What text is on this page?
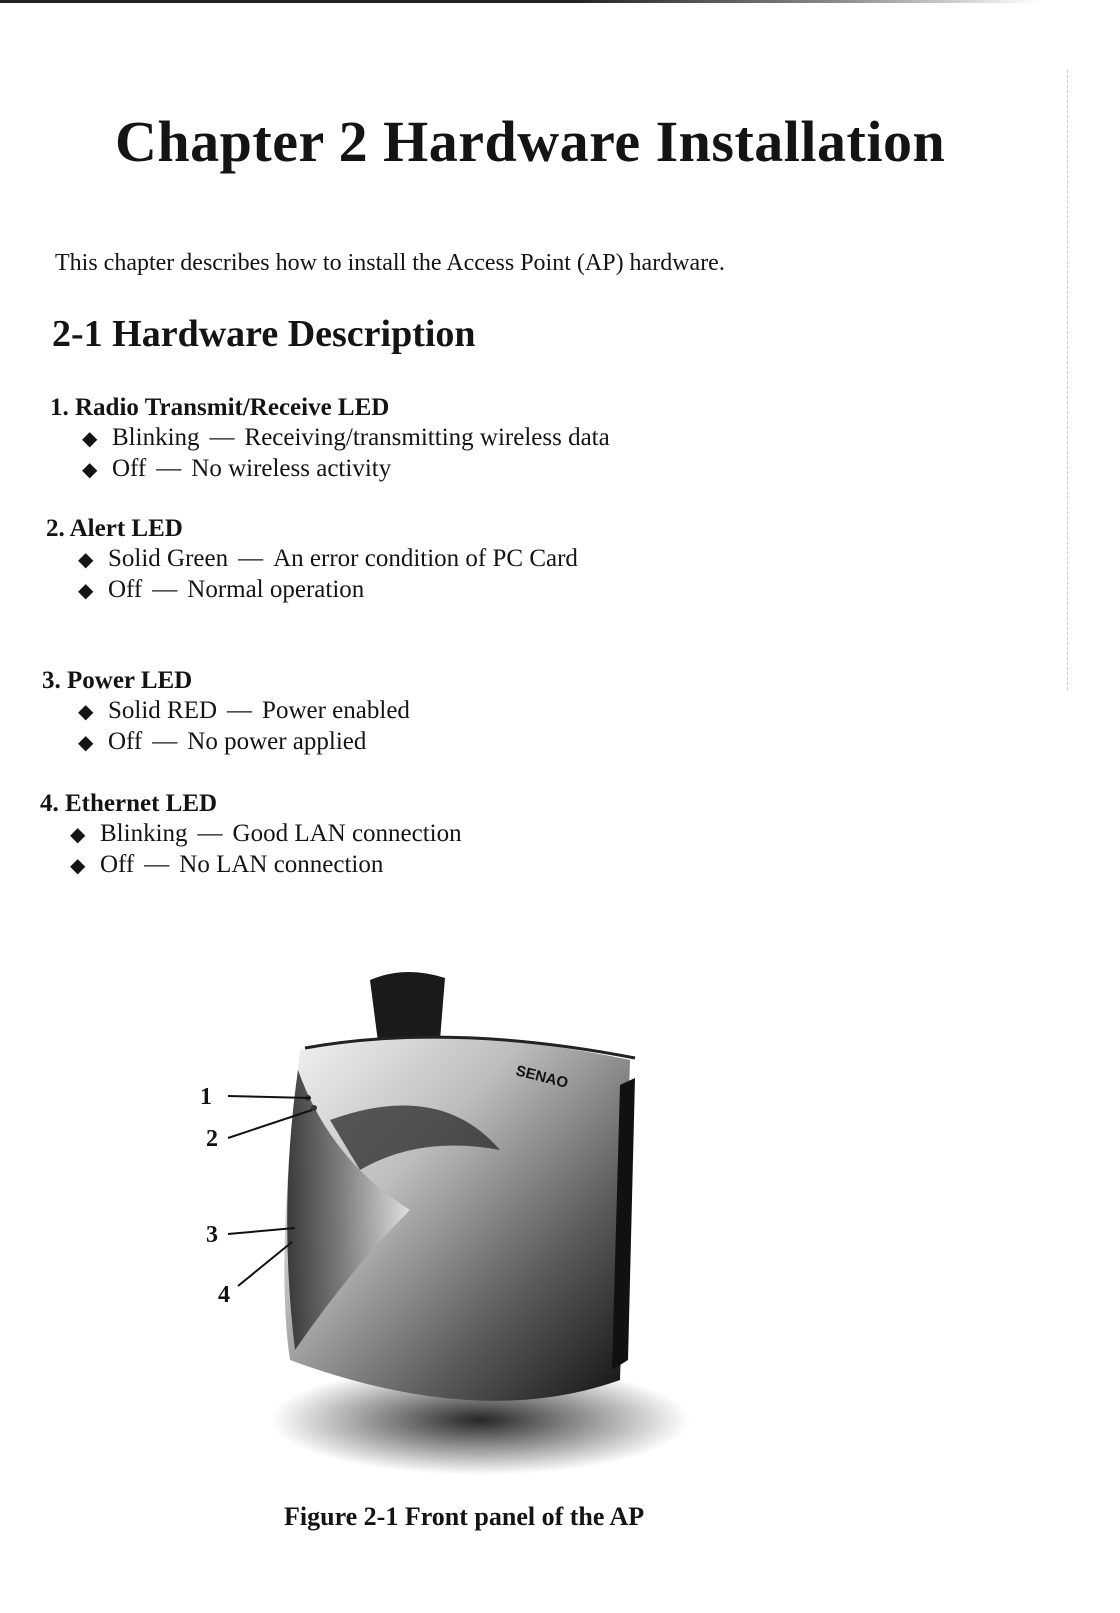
Chapter 2 Hardware Installation

This chapter describes how to install the Access Point (AP) hardware.

2-1 Hardware Description
1. Radio Transmit/Receive LED
◆ Blinking — Receiving/transmitting wireless data
◆ Off — No wireless activity
2. Alert LED
◆ Solid Green — An error condition of PC Card
◆ Off — Normal operation
3. Power LED
◆ Solid RED — Power enabled
◆ Off — No power applied
4. Ethernet LED
◆ Blinking — Good LAN connection
◆ Off — No LAN connection
SENAO
1
2
3
4

Figure 2-1 Front panel of the AP
